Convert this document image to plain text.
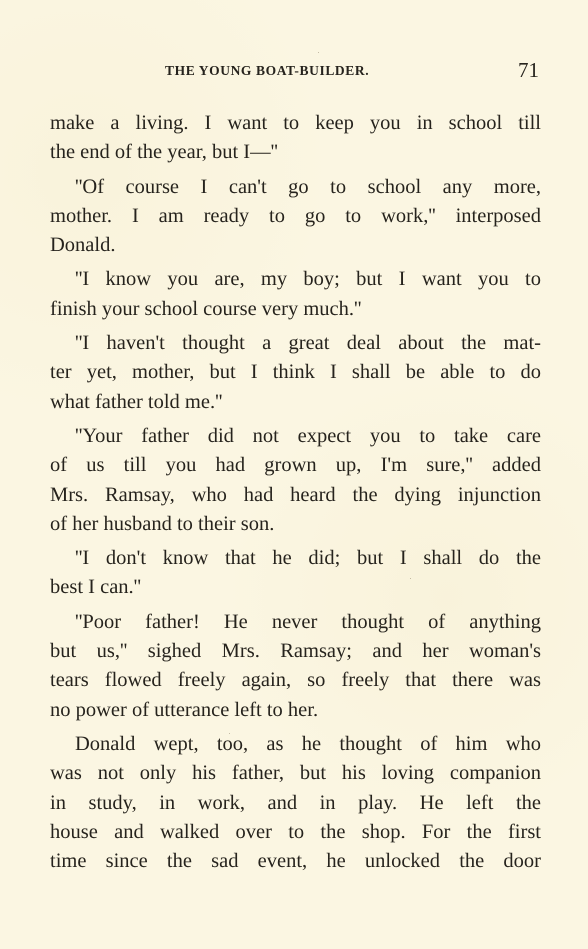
THE YOUNG BOAT-BUILDER.	71

make a living. I want to keep you in school till
the end of the year, but I—''

''Of course I can't go to school any more,
mother. I am ready to go to work,'' interposed
Donald.

''I know you are, my boy; but I want you to
finish your school course very much.''

''I haven't thought a great deal about the mat-
ter yet, mother, but I think I shall be able to do
what father told me.''

''Your father did not expect you to take care
of us till you had grown up, I'm sure,'' added
Mrs. Ramsay, who had heard the dying injunction
of her husband to their son.

''I don't know that he did; but I shall do the
best I can.''

''Poor father! He never thought of anything
but us,'' sighed Mrs. Ramsay; and her woman's
tears flowed freely again, so freely that there was
no power of utterance left to her.

Donald wept, too, as he thought of him who
was not only his father, but his loving companion
in study, in work, and in play. He left the
house and walked over to the shop. For the first
time since the sad event, he unlocked the door
